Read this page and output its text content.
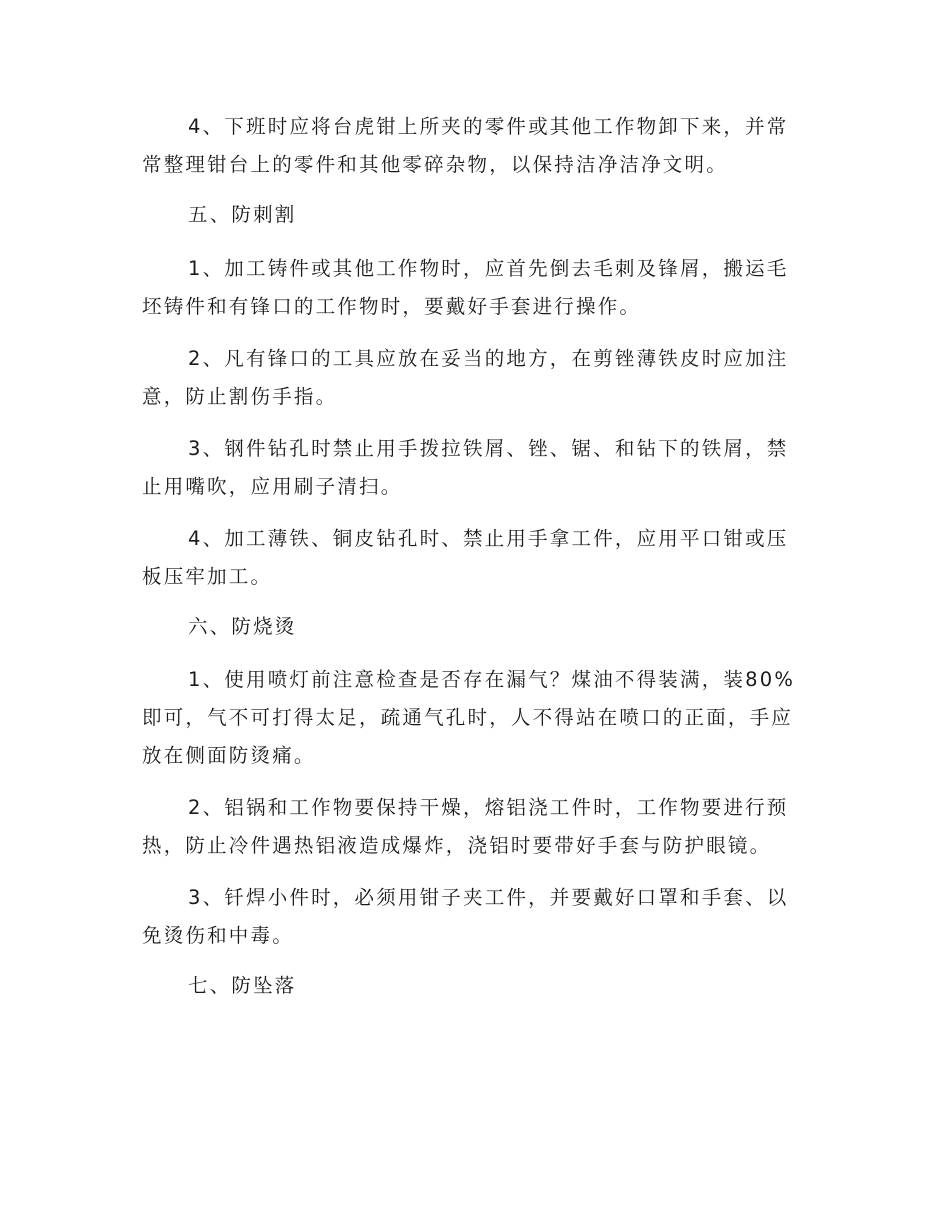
4、下班时应将台虎钳上所夹的零件或其他工作物卸下来，并常常整理钳台上的零件和其他零碎杂物，以保持洁净洁净文明。

五、防刺割

1、加工铸件或其他工作物时，应首先倒去毛刺及锋屑，搬运毛坯铸件和有锋口的工作物时，要戴好手套进行操作。

2、凡有锋口的工具应放在妥当的地方，在剪锉薄铁皮时应加注意，防止割伤手指。

3、钢件钻孔时禁止用手拨拉铁屑、锉、锯、和钻下的铁屑，禁止用嘴吹，应用刷子清扫。

4、加工薄铁、铜皮钻孔时、禁止用手拿工件，应用平口钳或压板压牢加工。

六、防烧烫

1、使用喷灯前注意检查是否存在漏气？煤油不得装满，装80%即可，气不可打得太足，疏通气孔时，人不得站在喷口的正面，手应放在侧面防烫痛。

2、铝锅和工作物要保持干燥，熔铝浇工件时，工作物要进行预热，防止冷件遇热铝液造成爆炸，浇铝时要带好手套与防护眼镜。

3、钎焊小件时，必须用钳子夹工件，并要戴好口罩和手套、以免烫伤和中毒。

七、防坠落
